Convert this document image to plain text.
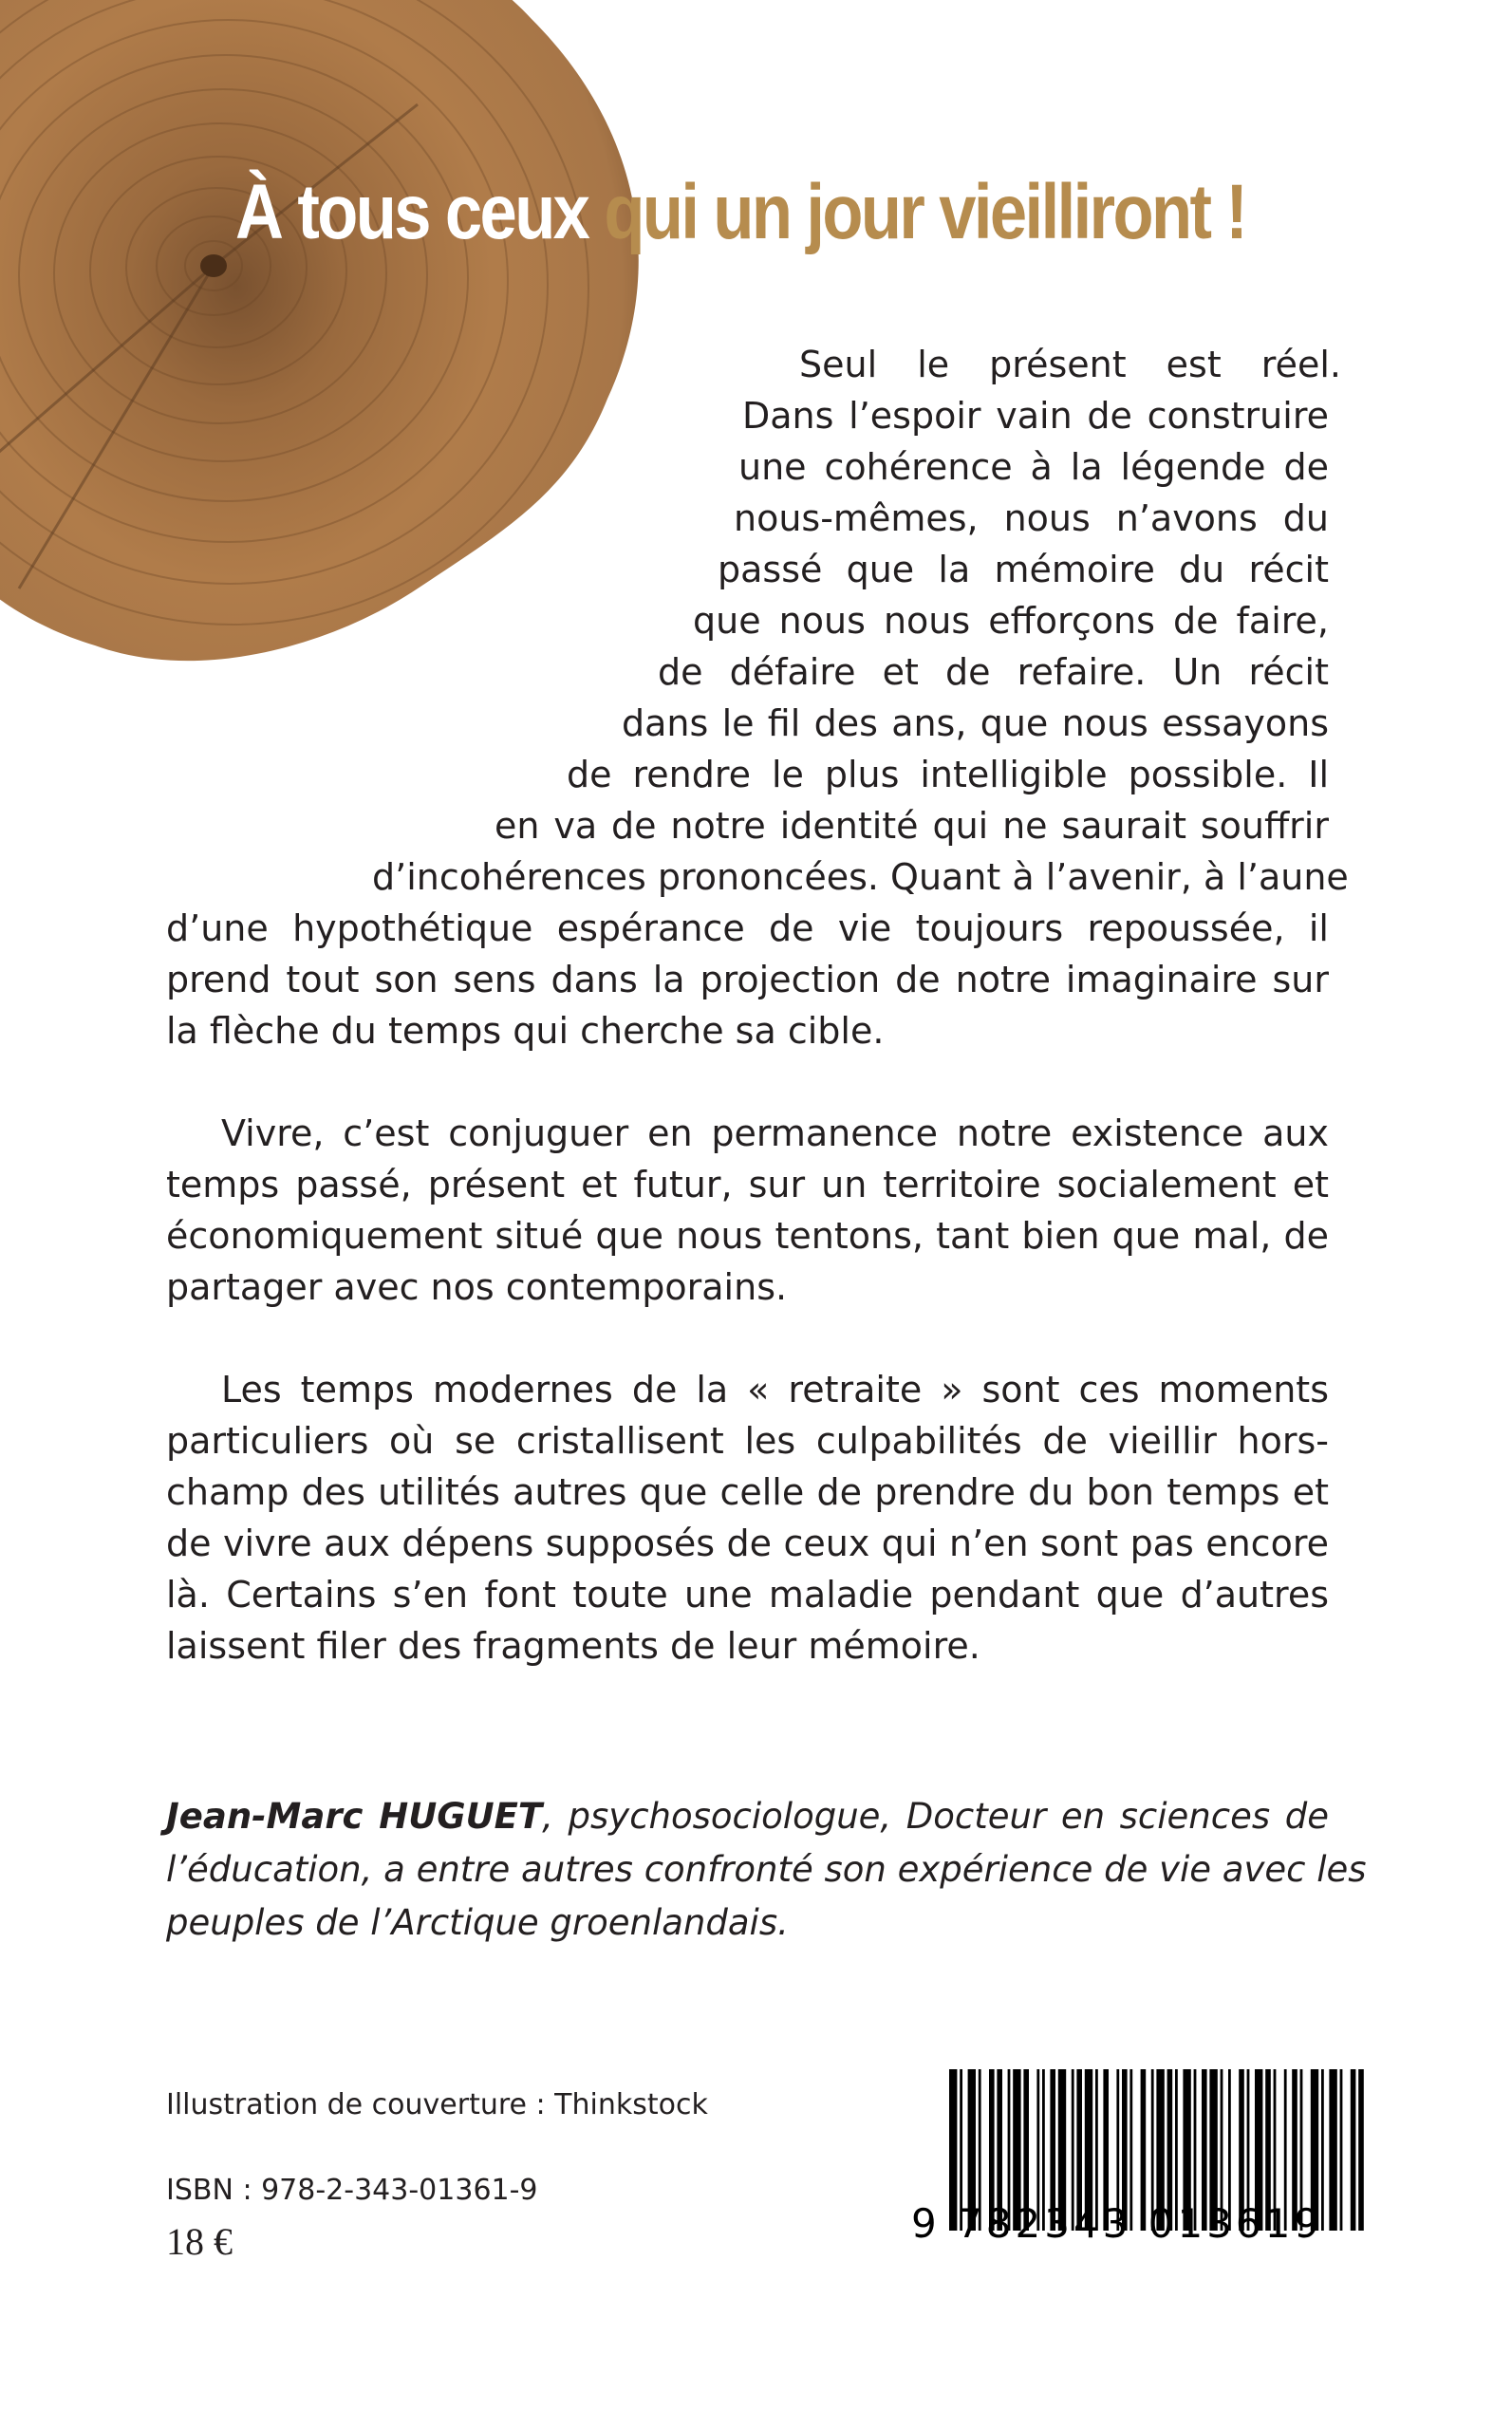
À tous ceux qui un jour vieilliront !
Seul le présent est réel.
Dans l’espoir vain de construire
une cohérence à la légende de
nous-mêmes, nous n’avons du
passé que la mémoire du récit
que nous nous efforçons de faire,
de défaire et de refaire. Un récit
dans le fil des ans, que nous essayons
de rendre le plus intelligible possible. Il
en va de notre identité qui ne saurait souffrir
d’incohérences prononcées. Quant à l’avenir, à l’aune
d’une hypothétique espérance de vie toujours repoussée, il
prend tout son sens dans la projection de notre imaginaire sur
la flèche du temps qui cherche sa cible.
Vivre, c’est conjuguer en permanence notre existence aux
temps passé, présent et futur, sur un territoire socialement et
économiquement situé que nous tentons, tant bien que mal, de
partager avec nos contemporains.
Les temps modernes de la « retraite » sont ces moments
particuliers où se cristallisent les culpabilités de vieillir hors-
champ des utilités autres que celle de prendre du bon temps et
de vivre aux dépens supposés de ceux qui n’en sont pas encore
là. Certains s’en font toute une maladie pendant que d’autres
laissent filer des fragments de leur mémoire.
Jean-Marc HUGUET, psychosociologue, Docteur en sciences de
l’éducation, a entre autres confronté son expérience de vie avec les
peuples de l’Arctique groenlandais.
Illustration de couverture : Thinkstock
ISBN : 978-2-343-01361-9
18 €	9 782343 013619
